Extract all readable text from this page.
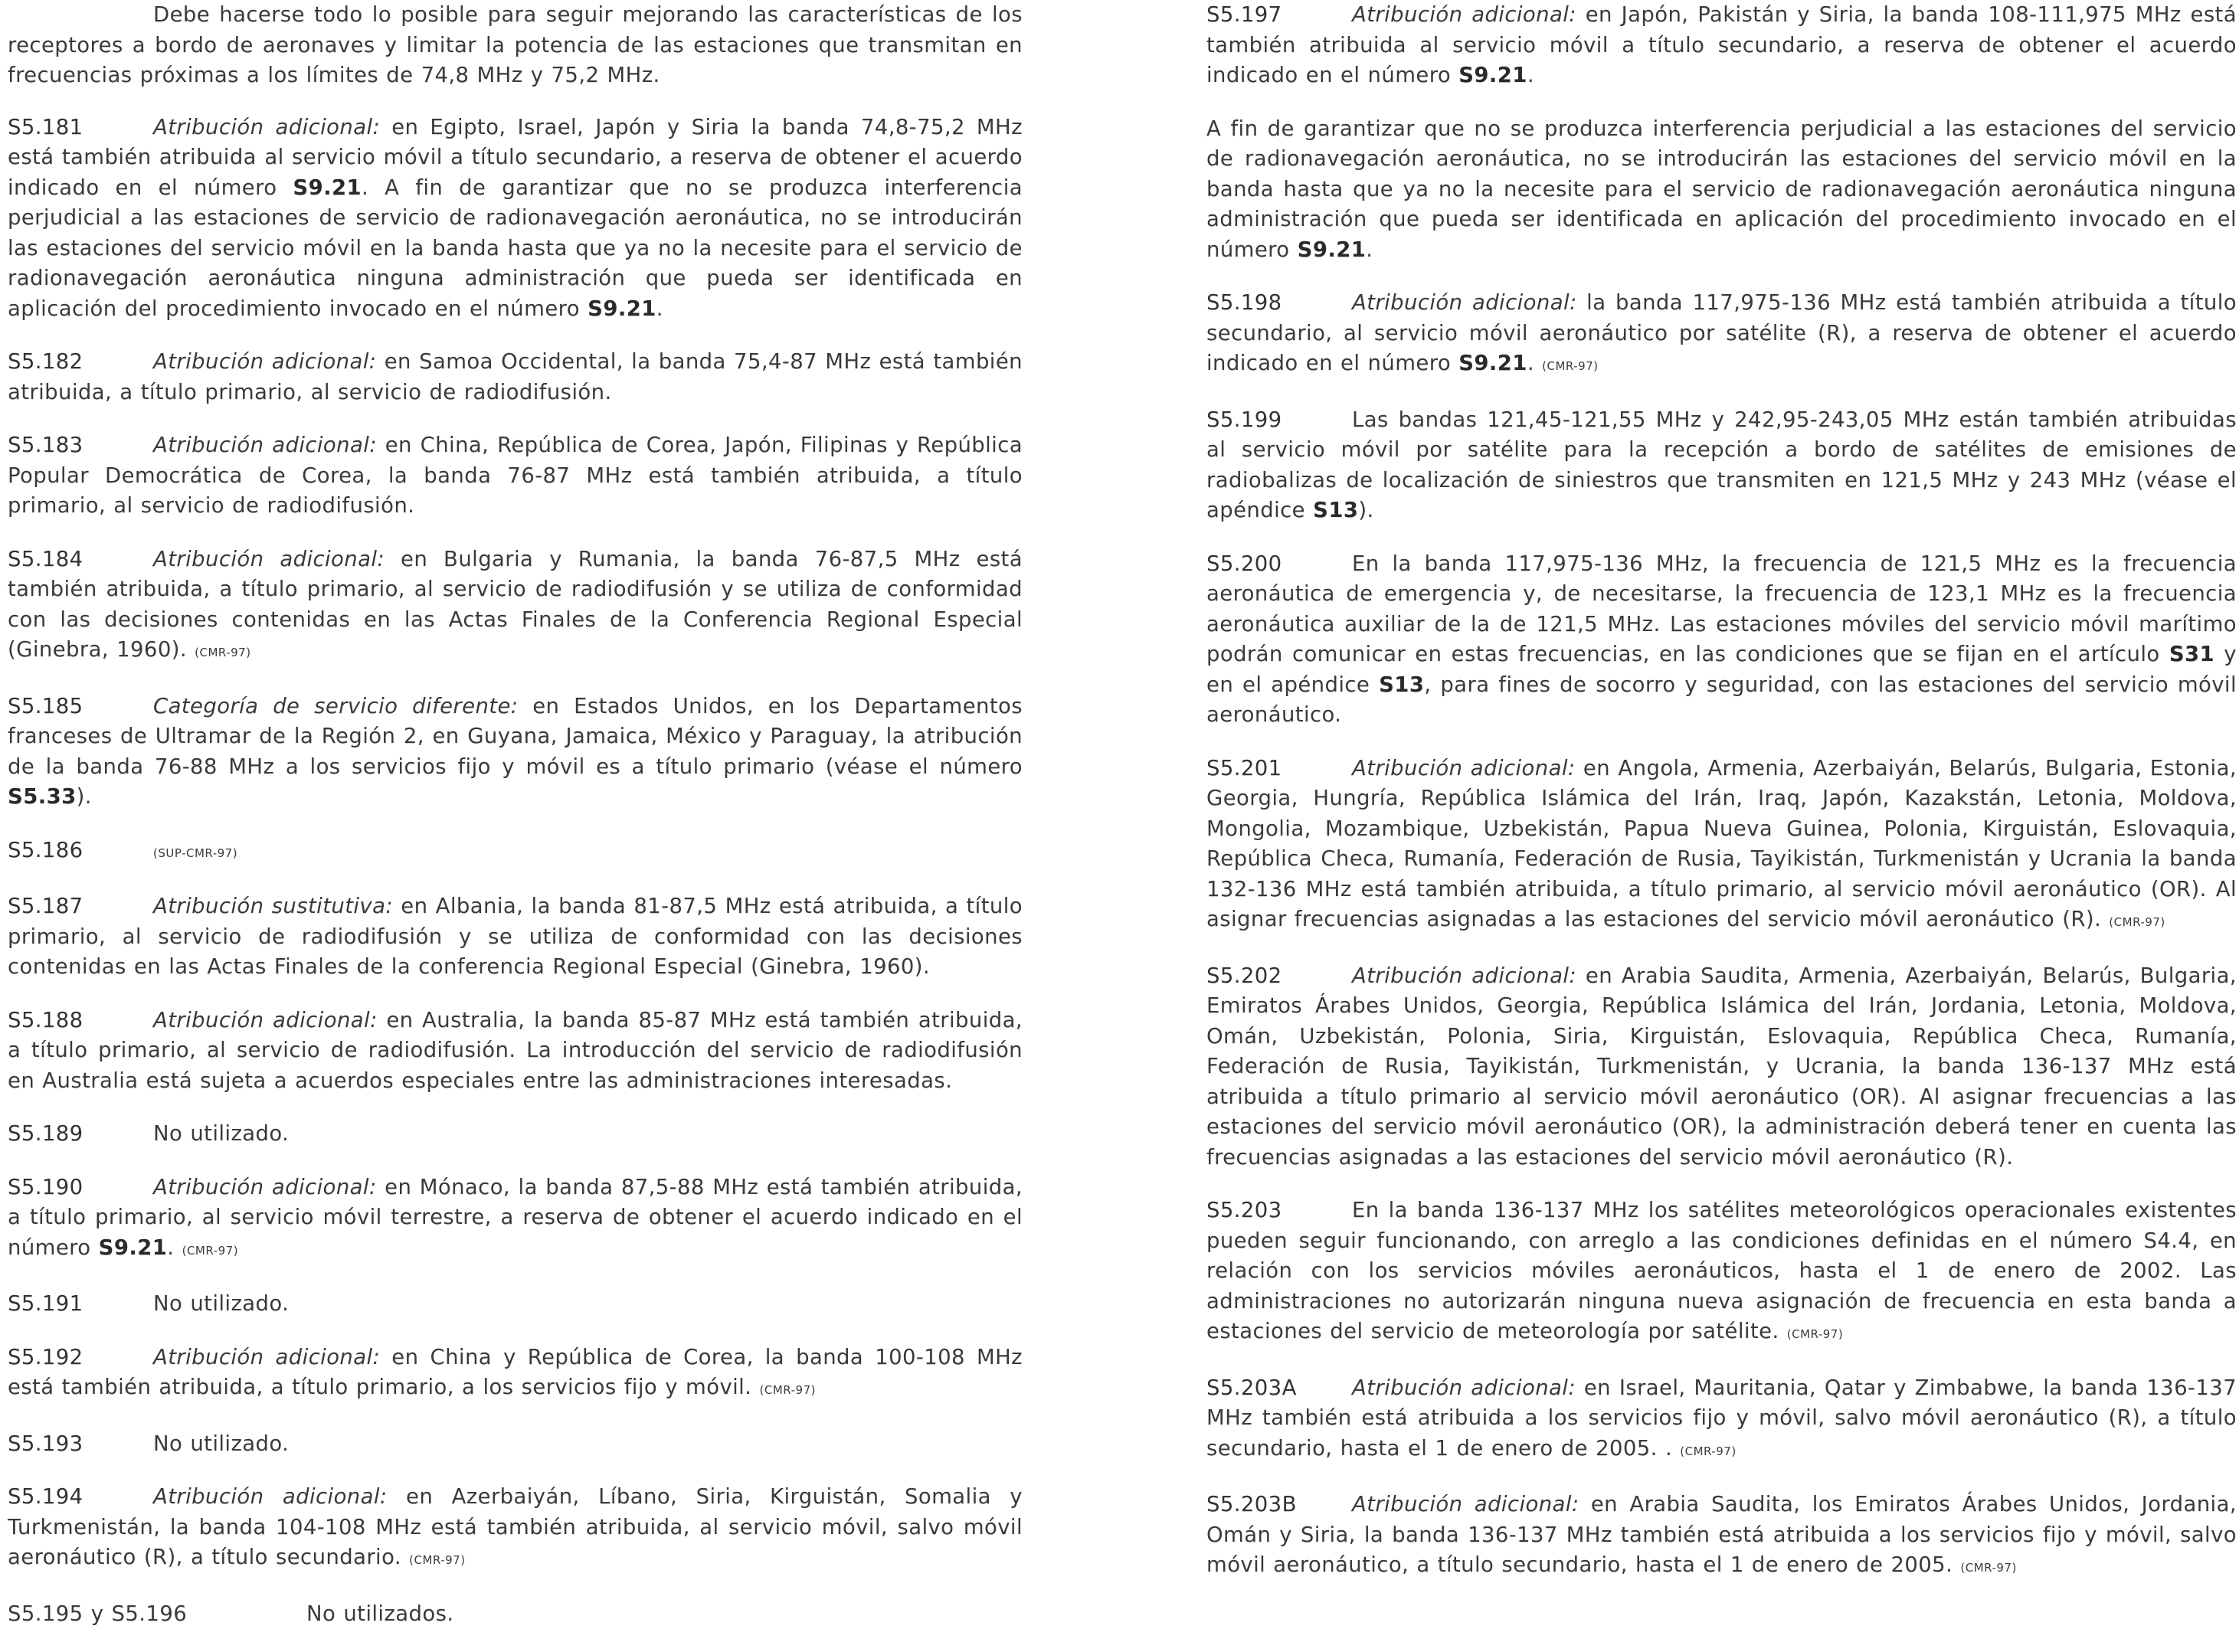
Debe hacerse todo lo posible para seguir mejorando las características de los receptores a bordo de aeronaves y limitar la potencia de las estaciones que transmitan en frecuencias próximas a los límites de 74,8 MHz y 75,2 MHz.

S5.181	Atribución adicional: en Egipto, Israel, Japón y Siria la banda 74,8-75,2 MHz está también atribuida al servicio móvil a título secundario, a reserva de obtener el acuerdo indicado en el número S9.21. A fin de garantizar que no se produzca interferencia perjudicial a las estaciones de servicio de radionavegación aeronáutica, no se introducirán las estaciones del servicio móvil en la banda hasta que ya no la necesite para el servicio de radionavegación aeronáutica ninguna administración que pueda ser identificada en aplicación del procedimiento invocado en el número S9.21.

S5.182	Atribución adicional: en Samoa Occidental, la banda 75,4-87 MHz está también atribuida, a título primario, al servicio de radiodifusión.

S5.183	Atribución adicional: en China, República de Corea, Japón, Filipinas y República Popular Democrática de Corea, la banda 76-87 MHz está también atribuida, a título primario, al servicio de radiodifusión.

S5.184	Atribución adicional: en Bulgaria y Rumania, la banda 76-87,5 MHz está también atribuida, a título primario, al servicio de radiodifusión y se utiliza de conformidad con las decisiones contenidas en las Actas Finales de la Conferencia Regional Especial (Ginebra, 1960). (CMR-97)

S5.185	Categoría de servicio diferente: en Estados Unidos, en los Departamentos franceses de Ultramar de la Región 2, en Guyana, Jamaica, México y Paraguay, la atribución de la banda 76-88 MHz a los servicios fijo y móvil es a título primario (véase el número S5.33).

S5.186	(SUP-CMR-97)

S5.187	Atribución sustitutiva: en Albania, la banda 81-87,5 MHz está atribuida, a título primario, al servicio de radiodifusión y se utiliza de conformidad con las decisiones contenidas en las Actas Finales de la conferencia Regional Especial (Ginebra, 1960).

S5.188	Atribución adicional: en Australia, la banda 85-87 MHz está también atribuida, a título primario, al servicio de radiodifusión. La introducción del servicio de radiodifusión en Australia está sujeta a acuerdos especiales entre las administraciones interesadas.

S5.189	No utilizado.

S5.190	Atribución adicional: en Mónaco, la banda 87,5-88 MHz está también atribuida, a título primario, al servicio móvil terrestre, a reserva de obtener el acuerdo indicado en el número S9.21. (CMR-97)

S5.191	No utilizado.

S5.192	Atribución adicional: en China y República de Corea, la banda 100-108 MHz está también atribuida, a título primario, a los servicios fijo y móvil. (CMR-97)

S5.193	No utilizado.

S5.194	Atribución adicional: en Azerbaiyán, Líbano, Siria, Kirguistán, Somalia y Turkmenistán, la banda 104-108 MHz está también atribuida, al servicio móvil, salvo móvil aeronáutico (R), a título secundario. (CMR-97)

S5.195 y S5.196	No utilizados.

S5.197	Atribución adicional: en Japón, Pakistán y Siria, la banda 108-111,975 MHz está también atribuida al servicio móvil a título secundario, a reserva de obtener el acuerdo indicado en el número S9.21.

A fin de garantizar que no se produzca interferencia perjudicial a las estaciones del servicio de radionavegación aeronáutica, no se introducirán las estaciones del servicio móvil en la banda hasta que ya no la necesite para el servicio de radionavegación aeronáutica ninguna administración que pueda ser identificada en aplicación del procedimiento invocado en el número S9.21.

S5.198	Atribución adicional: la banda 117,975-136 MHz está también atribuida a título secundario, al servicio móvil aeronáutico por satélite (R), a reserva de obtener el acuerdo indicado en el número S9.21. (CMR-97)

S5.199	Las bandas 121,45-121,55 MHz y 242,95-243,05 MHz están también atribuidas al servicio móvil por satélite para la recepción a bordo de satélites de emisiones de radiobalizas de localización de siniestros que transmiten en 121,5 MHz y 243 MHz (véase el apéndice S13).

S5.200	En la banda 117,975-136 MHz, la frecuencia de 121,5 MHz es la frecuencia aeronáutica de emergencia y, de necesitarse, la frecuencia de 123,1 MHz es la frecuencia aeronáutica auxiliar de la de 121,5 MHz. Las estaciones móviles del servicio móvil marítimo podrán comunicar en estas frecuencias, en las condiciones que se fijan en el artículo S31 y en el apéndice S13, para fines de socorro y seguridad, con las estaciones del servicio móvil aeronáutico.

S5.201	Atribución adicional: en Angola, Armenia, Azerbaiyán, Belarús, Bulgaria, Estonia, Georgia, Hungría, República Islámica del Irán, Iraq, Japón, Kazakstán, Letonia, Moldova, Mongolia, Mozambique, Uzbekistán, Papua Nueva Guinea, Polonia, Kirguistán, Eslovaquia, República Checa, Rumanía, Federación de Rusia, Tayikistán, Turkmenistán y Ucrania la banda 132-136 MHz está también atribuida, a título primario, al servicio móvil aeronáutico (OR). Al asignar frecuencias asignadas a las estaciones del servicio móvil aeronáutico (R). (CMR-97)

S5.202	Atribución adicional: en Arabia Saudita, Armenia, Azerbaiyán, Belarús, Bulgaria, Emiratos Árabes Unidos, Georgia, República Islámica del Irán, Jordania, Letonia, Moldova, Omán, Uzbekistán, Polonia, Siria, Kirguistán, Eslovaquia, República Checa, Rumanía, Federación de Rusia, Tayikistán, Turkmenistán, y Ucrania, la banda 136-137 MHz está atribuida a título primario al servicio móvil aeronáutico (OR). Al asignar frecuencias a las estaciones del servicio móvil aeronáutico (OR), la administración deberá tener en cuenta las frecuencias asignadas a las estaciones del servicio móvil aeronáutico (R).

S5.203	En la banda 136-137 MHz los satélites meteorológicos operacionales existentes pueden seguir funcionando, con arreglo a las condiciones definidas en el número S4.4, en relación con los servicios móviles aeronáuticos, hasta el 1 de enero de 2002. Las administraciones no autorizarán ninguna nueva asignación de frecuencia en esta banda a estaciones del servicio de meteorología por satélite. (CMR-97)

S5.203A	Atribución adicional: en Israel, Mauritania, Qatar y Zimbabwe, la banda 136-137 MHz también está atribuida a los servicios fijo y móvil, salvo móvil aeronáutico (R), a título secundario, hasta el 1 de enero de 2005. . (CMR-97)

S5.203B	Atribución adicional: en Arabia Saudita, los Emiratos Árabes Unidos, Jordania, Omán y Siria, la banda 136-137 MHz también está atribuida a los servicios fijo y móvil, salvo móvil aeronáutico, a título secundario, hasta el 1 de enero de 2005. (CMR-97)
